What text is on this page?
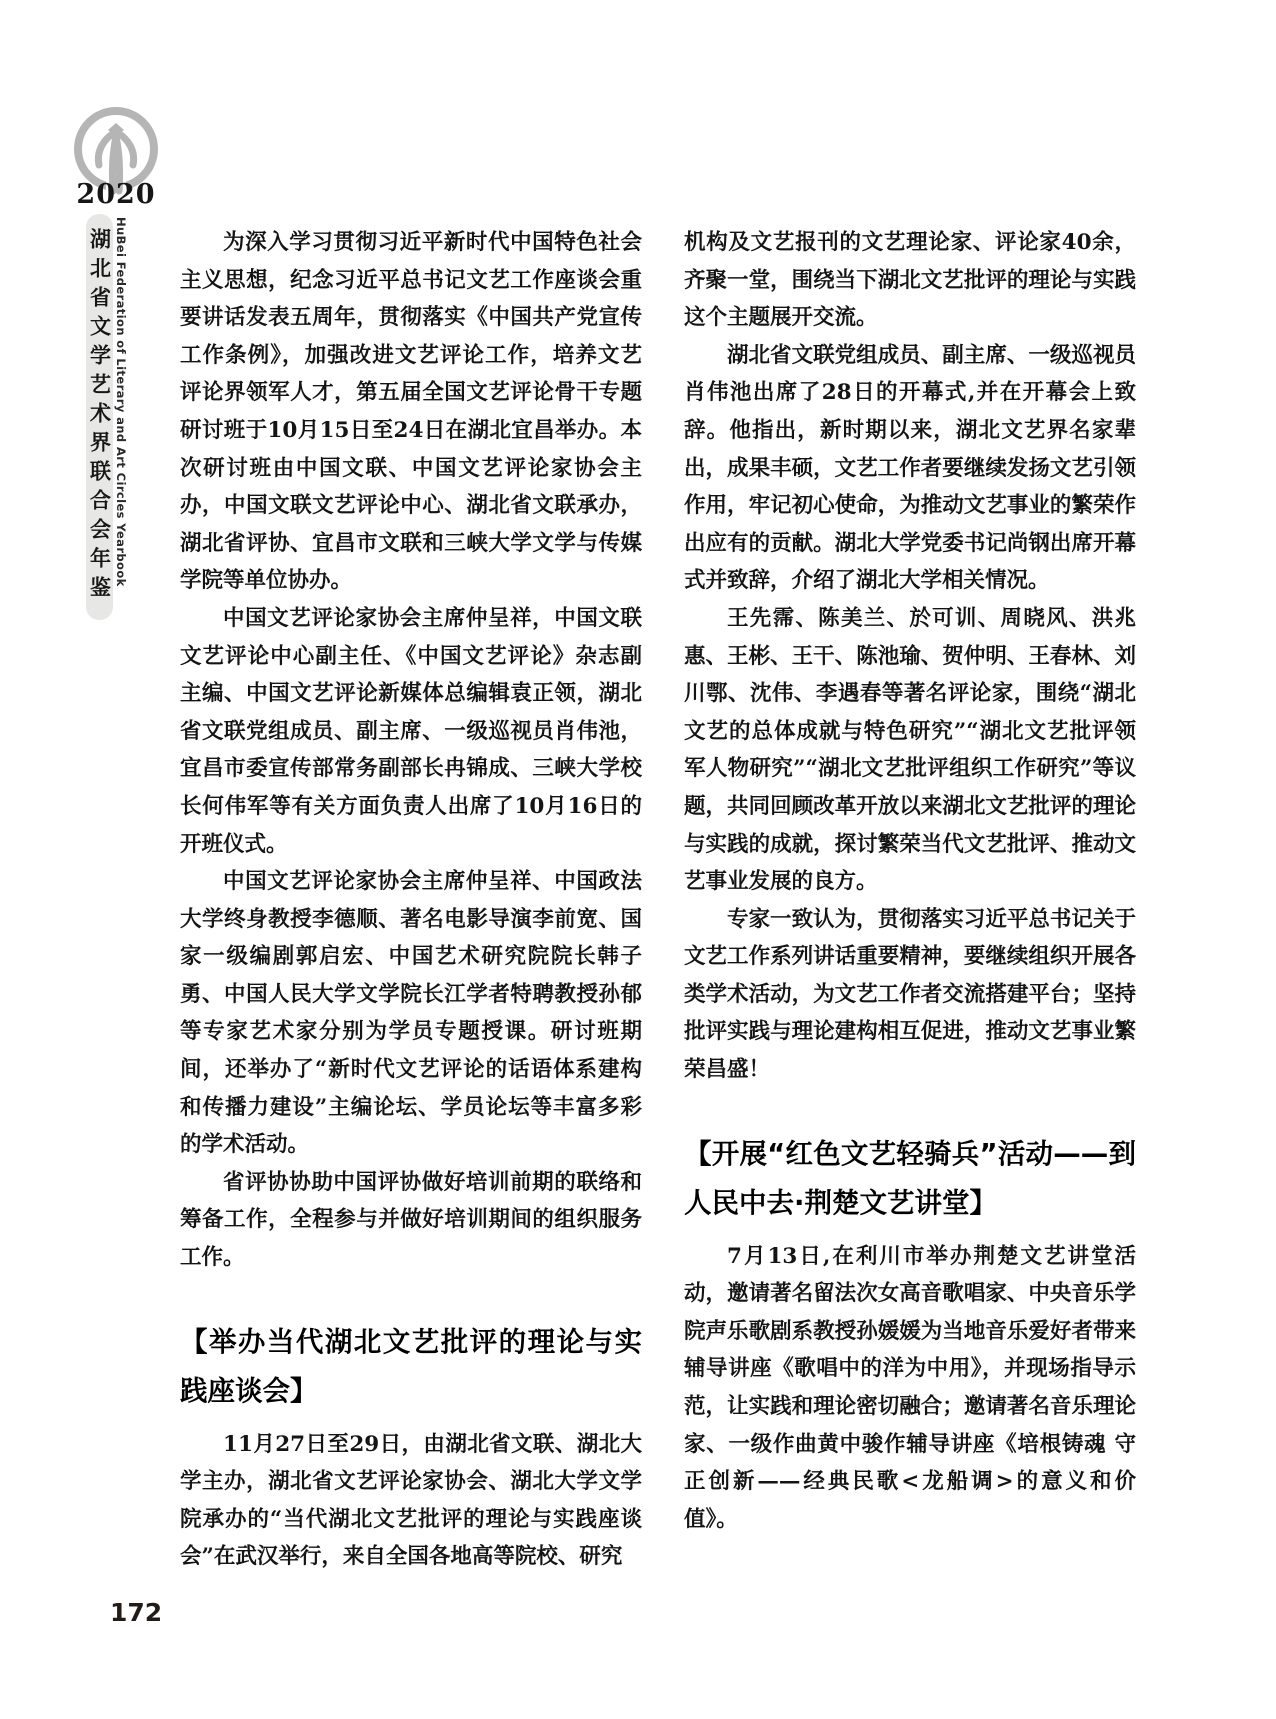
2020
湖北省文学艺术界联合会年鉴 HuBei Federation of Literary and Art Circles Yearbook	为深入学习贯彻习近平新时代中国特色社会主义思想，纪念习近平总书记文艺工作座谈会重要讲话发表五周年，贯彻落实《中国共产党宣传工作条例》，加强改进文艺评论工作，培养文艺评论界领军人才，第五届全国文艺评论骨干专题研讨班于10月15日至24日在湖北宜昌举办。本次研讨班由中国文联、中国文艺评论家协会主办，中国文联文艺评论中心、湖北省文联承办，湖北省评协、宜昌市文联和三峡大学文学与传媒学院等单位协办。

中国文艺评论家协会主席仲呈祥，中国文联文艺评论中心副主任、《中国文艺评论》杂志副主编、中国文艺评论新媒体总编辑袁正领，湖北省文联党组成员、副主席、一级巡视员肖伟池，宜昌市委宣传部常务副部长冉锦成、三峡大学校长何伟军等有关方面负责人出席了10月16日的开班仪式。

中国文艺评论家协会主席仲呈祥、中国政法大学终身教授李德顺、著名电影导演李前宽、国家一级编剧郭启宏、中国艺术研究院院长韩子勇、中国人民大学文学院长江学者特聘教授孙郁等专家艺术家分别为学员专题授课。研讨班期间，还举办了“新时代文艺评论的话语体系建构和传播力建设”主编论坛、学员论坛等丰富多彩的学术活动。

省评协协助中国评协做好培训前期的联络和筹备工作，全程参与并做好培训期间的组织服务工作。

【举办当代湖北文艺批评的理论与实践座谈会】

11月27日至29日，由湖北省文联、湖北大学主办，湖北省文艺评论家协会、湖北大学文学院承办的“当代湖北文艺批评的理论与实践座谈会”在武汉举行，来自全国各地高等院校、研究

机构及文艺报刊的文艺理论家、评论家40余，齐聚一堂，围绕当下湖北文艺批评的理论与实践这个主题展开交流。

湖北省文联党组成员、副主席、一级巡视员肖伟池出席了28日的开幕式,并在开幕会上致辞。他指出，新时期以来，湖北文艺界名家辈出，成果丰硕，文艺工作者要继续发扬文艺引领作用，牢记初心使命，为推动文艺事业的繁荣作出应有的贡献。湖北大学党委书记尚钢出席开幕式并致辞，介绍了湖北大学相关情况。

王先霈、陈美兰、於可训、周晓风、洪兆惠、王彬、王干、陈池瑜、贺仲明、王春林、刘川鄂、沈伟、李遇春等著名评论家，围绕“湖北文艺的总体成就与特色研究”“湖北文艺批评领军人物研究”“湖北文艺批评组织工作研究”等议题，共同回顾改革开放以来湖北文艺批评的理论与实践的成就，探讨繁荣当代文艺批评、推动文艺事业发展的良方。

专家一致认为，贯彻落实习近平总书记关于文艺工作系列讲话重要精神，要继续组织开展各类学术活动，为文艺工作者交流搭建平台；坚持批评实践与理论建构相互促进，推动文艺事业繁荣昌盛！

【开展“红色文艺轻骑兵”活动——到人民中去·荆楚文艺讲堂】

7月13日,在利川市举办荆楚文艺讲堂活动，邀请著名留法次女高音歌唱家、中央音乐学院声乐歌剧系教授孙媛媛为当地音乐爱好者带来辅导讲座《歌唱中的洋为中用》，并现场指导示范，让实践和理论密切融合；邀请著名音乐理论家、一级作曲黄中骏作辅导讲座《培根铸魂 守正创新——经典民歌<龙船调>的意义和价值》。

172
